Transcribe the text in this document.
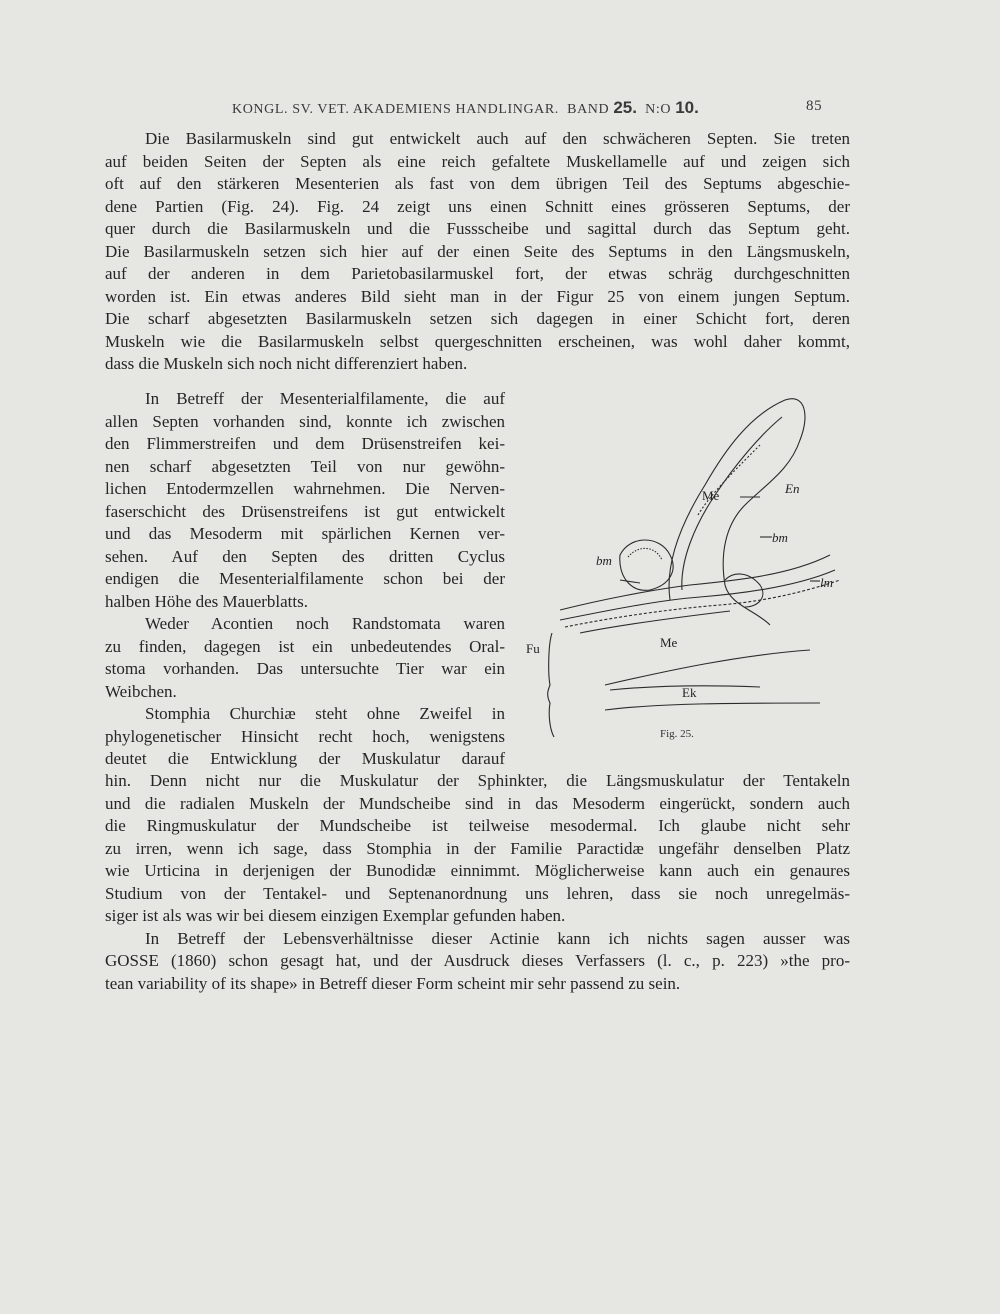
KONGL. SV. VET. AKADEMIENS HANDLINGAR. BAND 25. N:O 10.	85
Die Basilarmuskeln sind gut entwickelt auch auf den schwächeren Septen. Sie treten
auf beiden Seiten der Septen als eine reich gefaltete Muskellamelle auf und zeigen sich
oft auf den stärkeren Mesenterien als fast von dem übrigen Teil des Septums abgeschie-
dene Partien (Fig. 24). Fig. 24 zeigt uns einen Schnitt eines grösseren Septums, der
quer durch die Basilarmuskeln und die Fussscheibe und sagittal durch das Septum geht.
Die Basilarmuskeln setzen sich hier auf der einen Seite des Septums in den Längsmuskeln,
auf der anderen in dem Parietobasilarmuskel fort, der etwas schräg durchgeschnitten
worden ist. Ein etwas anderes Bild sieht man in der Figur 25 von einem jungen Septum.
Die scharf abgesetzten Basilarmuskeln setzen sich dagegen in einer Schicht fort, deren
Muskeln wie die Basilarmuskeln selbst quergeschnitten erscheinen, was wohl daher kommt,
dass die Muskeln sich noch nicht differenziert haben.
In Betreff der Mesenterialfilamente, die auf
allen Septen vorhanden sind, konnte ich zwischen
den Flimmerstreifen und dem Drüsenstreifen kei-
nen scharf abgesetzten Teil von nur gewöhn-
lichen Entodermzellen wahrnehmen. Die Nerven-
faserschicht des Drüsenstreifens ist gut entwickelt
und das Mesoderm mit spärlichen Kernen ver-
sehen. Auf den Septen des dritten Cyclus
endigen die Mesenterialfilamente schon bei der
halben Höhe des Mauerblatts.
Weder Acontien noch Randstomata waren
zu finden, dagegen ist ein unbedeutendes Oral-
stoma vorhanden. Das untersuchte Tier war ein
Weibchen.
Stomphia Churchiæ steht ohne Zweifel in
phylogenetischer Hinsicht recht hoch, wenigstens
deutet die Entwicklung der Muskulatur darauf
hin. Denn nicht nur die Muskulatur der Sphinkter, die Längsmuskulatur der Tentakeln
und die radialen Muskeln der Mundscheibe sind in das Mesoderm eingerückt, sondern auch
die Ringmuskulatur der Mundscheibe ist teilweise mesodermal. Ich glaube nicht sehr
zu irren, wenn ich sage, dass Stomphia in der Familie Paractidæ ungefähr denselben Platz
wie Urticina in derjenigen der Bunodidæ einnimmt. Möglicherweise kann auch ein genaures
Studium von der Tentakel- und Septenanordnung uns lehren, dass sie noch unregelmäs-
siger ist als was wir bei diesem einzigen Exemplar gefunden haben.
In Betreff der Lebensverhältnisse dieser Actinie kann ich nichts sagen ausser was
GOSSE (1860) schon gesagt hat, und der Ausdruck dieses Verfassers (l. c., p. 223) »the pro-
tean variability of its shape» in Betreff dieser Form scheint mir sehr passend zu sein.
Me	En
bm
bm
lm
Fu	Me
Ek
Fig. 25.
